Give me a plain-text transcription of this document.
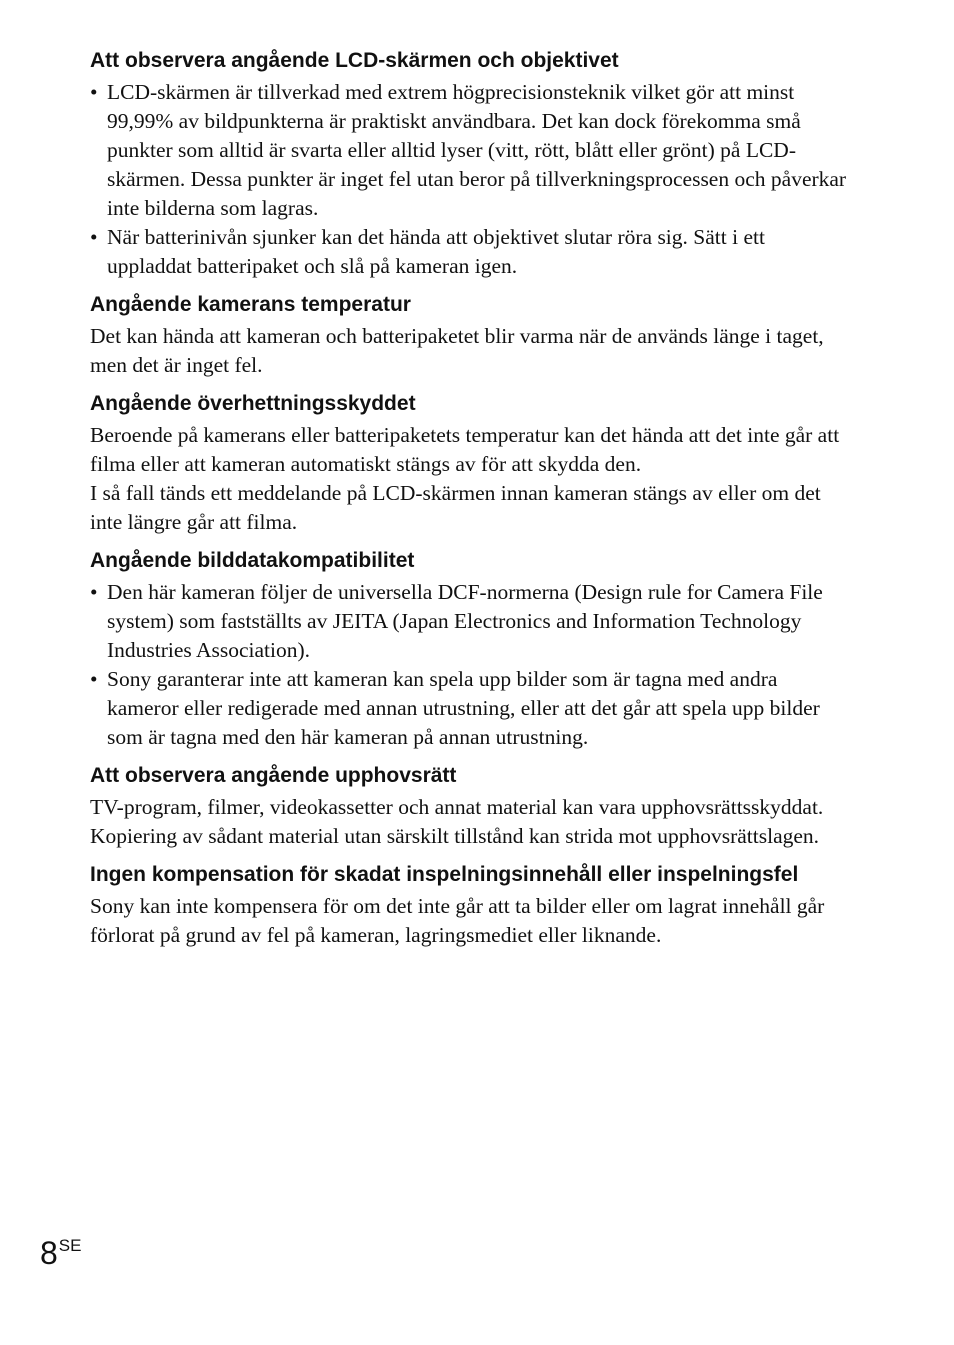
Att observera angående LCD-skärmen och objektivet
• LCD-skärmen är tillverkad med extrem högprecisionsteknik vilket gör att minst 99,99% av bildpunkterna är praktiskt användbara. Det kan dock förekomma små punkter som alltid är svarta eller alltid lyser (vitt, rött, blått eller grönt) på LCD-skärmen. Dessa punkter är inget fel utan beror på tillverkningsprocessen och påverkar inte bilderna som lagras.
• När batterinivån sjunker kan det hända att objektivet slutar röra sig. Sätt i ett uppladdat batteripaket och slå på kameran igen.
Angående kamerans temperatur

Det kan hända att kameran och batteripaketet blir varma när de används länge i taget, men det är inget fel.

Angående överhettningsskyddet

Beroende på kamerans eller batteripaketets temperatur kan det hända att det inte går att filma eller att kameran automatiskt stängs av för att skydda den.

I så fall tänds ett meddelande på LCD-skärmen innan kameran stängs av eller om det inte längre går att filma.

Angående bilddatakompatibilitet
• Den här kameran följer de universella DCF-normerna (Design rule for Camera File system) som fastställts av JEITA (Japan Electronics and Information Technology Industries Association).
• Sony garanterar inte att kameran kan spela upp bilder som är tagna med andra kameror eller redigerade med annan utrustning, eller att det går att spela upp bilder som är tagna med den här kameran på annan utrustning.
Att observera angående upphovsrätt

TV-program, filmer, videokassetter och annat material kan vara upphovsrättsskyddat. Kopiering av sådant material utan särskilt tillstånd kan strida mot upphovsrättslagen.

Ingen kompensation för skadat inspelningsinnehåll eller inspelningsfel

Sony kan inte kompensera för om det inte går att ta bilder eller om lagrat innehåll går förlorat på grund av fel på kameran, lagringsmediet eller liknande.

8SE
